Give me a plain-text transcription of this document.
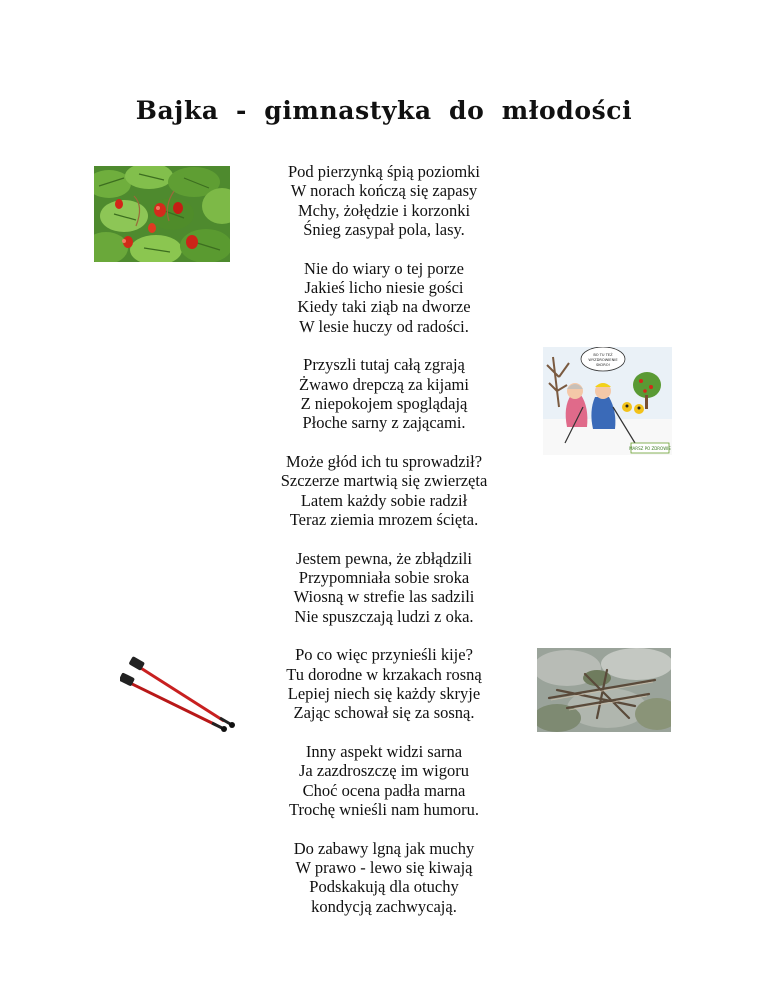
Bajka - gimnastyka do młodości
Pod pierzynką śpią poziomki
W norach kończą się zapasy
Mchy, żołędzie i korzonki
Śnieg zasypał pola, lasy.
Nie do wiary o tej porze
Jakieś licho niesie gości
Kiedy taki ziąb na dworze
W lesie huczy od radości.
Przyszli tutaj całą zgrają
Żwawo drepczą za kijami
Z niepokojem spoglądają
Płoche sarny z zającami.
Może głód ich tu sprowadził?
Szczerze martwią się zwierzęta
Latem każdy sobie radził
Teraz ziemia mrozem ścięta.
Jestem pewna, że zbłądzili
Przypomniała sobie sroka
Wiosną w strefie las sadzili
Nie spuszczają ludzi z oka.
Po co więc przynieśli kije?
Tu dorodne w krzakach rosną
Lepiej niech się każdy skryje
Zając schował się za sosną.
Inny aspekt widzi sarna
Ja zazdroszczę im wigoru
Choć ocena padła marna
Trochę wnieśli nam humoru.
Do zabawy lgną jak muchy
W prawo - lewo się kiwają
Podskakują dla otuchy
kondycją zachwycają.
BO TU TEŻ
WYZDROWIENIE
SKORO!
MARSZ PO ZDROWIE
